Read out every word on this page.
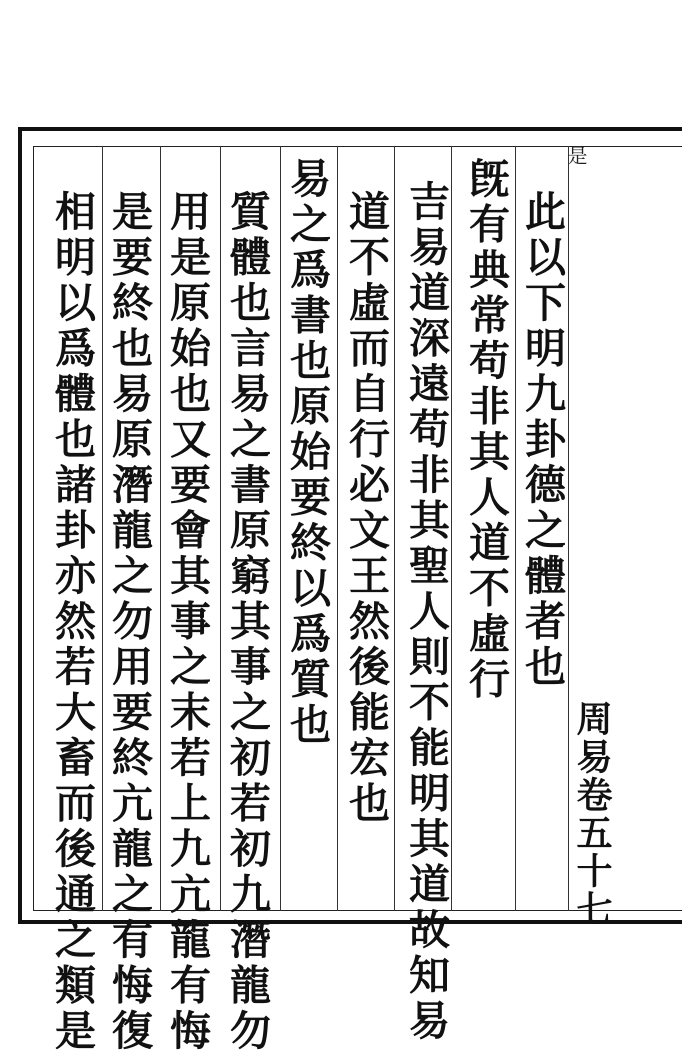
此以下明九卦德之體者也
旣有典常苟非其人道不虛行
吉易道深遠苟非其聖人則不能明其道故知易
道不虛而自行必文王然後能宏也
易之爲書也原始要終以爲質也
質體也言易之書原窮其事之初若初九潛龍勿
用是原始也又要會其事之末若上九亢龍有悔
是要終也易原潛龍之勿用要終亢龍之有悔復
相明以爲體也諸卦亦然若大畜而後通之類是
是
周易卷五十七
